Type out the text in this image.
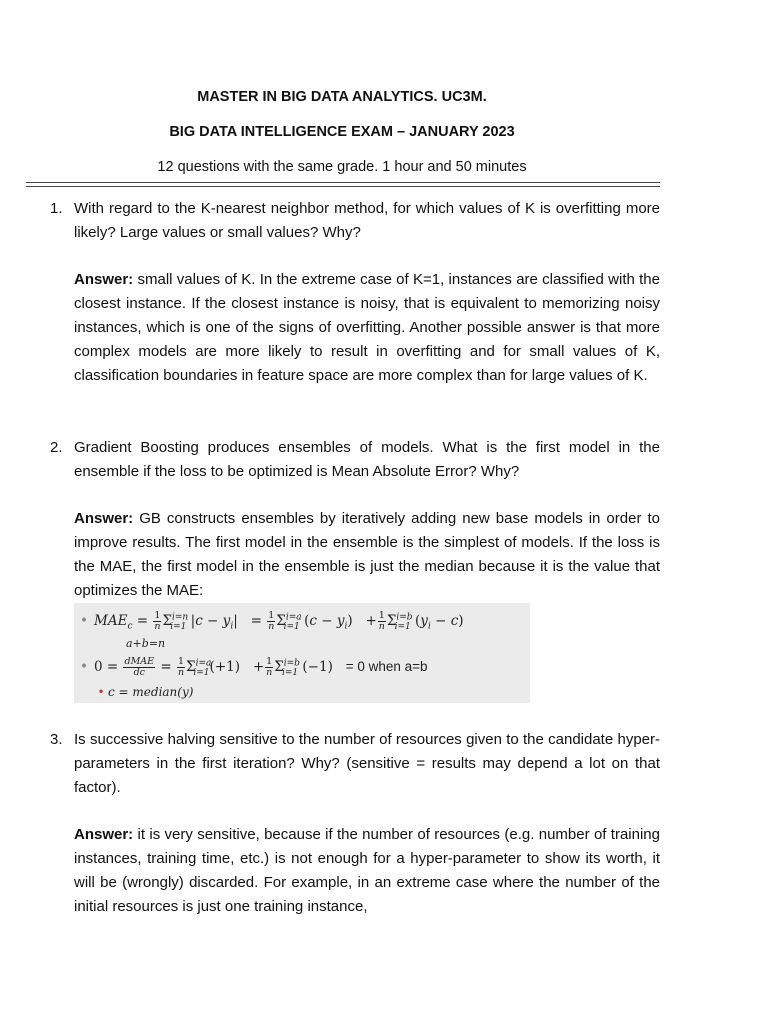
MASTER IN BIG DATA ANALYTICS. UC3M.
BIG DATA INTELLIGENCE EXAM – JANUARY 2023
12 questions with the same grade. 1 hour and 50 minutes
1. With regard to the K-nearest neighbor method, for which values of K is overfitting more likely? Large values or small values? Why?
Answer: small values of K. In the extreme case of K=1, instances are classified with the closest instance. If the closest instance is noisy, that is equivalent to memorizing noisy instances, which is one of the signs of overfitting. Another possible answer is that more complex models are more likely to result in overfitting and for small values of K, classification boundaries in feature space are more complex than for large values of K.
2. Gradient Boosting produces ensembles of models. What is the first model in the ensemble if the loss to be optimized is Mean Absolute Error? Why?
Answer: GB constructs ensembles by iteratively adding new base models in order to improve results. The first model in the ensemble is the simplest of models. If the loss is the MAE, the first model in the ensemble is just the median because it is the value that optimizes the MAE:
• $MAE_c = \frac{1}{n} \Sigma^{i=n}_{i=1}$ $|c - y_i| = \frac{1}{n} \Sigma^{i=a}_{i=1}$ $(c - y_i) + \frac{1}{n} \Sigma^{i=b}_{i=1}$ $(y_i - c)$
a+b=n
• $0 = \frac{\text{dMAE}}{dc} = \frac{1}{n} \Sigma^{i=a}_{i=1}(+1) + \frac{1}{n} \Sigma^{i=b}_{i=1}$ (−1)   = 0 when a=b
• c = median(y)
3. Is successive halving sensitive to the number of resources given to the candidate hyper-parameters in the first iteration? Why? (sensitive = results may depend a lot on that factor).
Answer: it is very sensitive, because if the number of resources (e.g. number of training instances, training time, etc.) is not enough for a hyper-parameter to show its worth, it will be (wrongly) discarded. For example, in an extreme case where the number of the initial resources is just one training instance,
